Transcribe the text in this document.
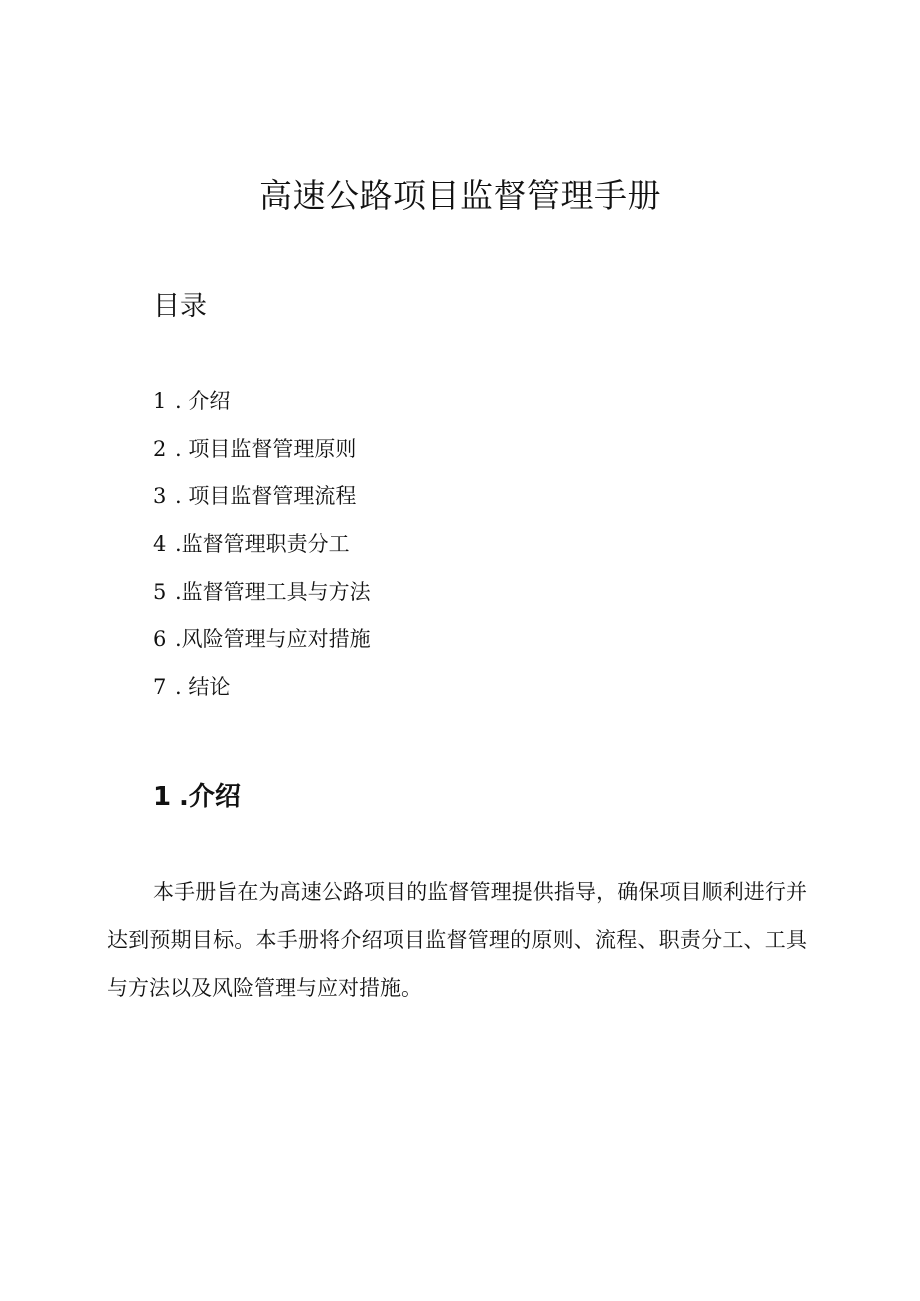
高速公路项目监督管理手册
目录
1 . 介绍
2 . 项目监督管理原则
3 . 项目监督管理流程
4 .监督管理职责分工
5 .监督管理工具与方法
6 .风险管理与应对措施
7 . 结论
1 .介绍

本手册旨在为高速公路项目的监督管理提供指导，确保项目顺利进行并达到预期目标。本手册将介绍项目监督管理的原则、流程、职责分工、工具与方法以及风险管理与应对措施。
